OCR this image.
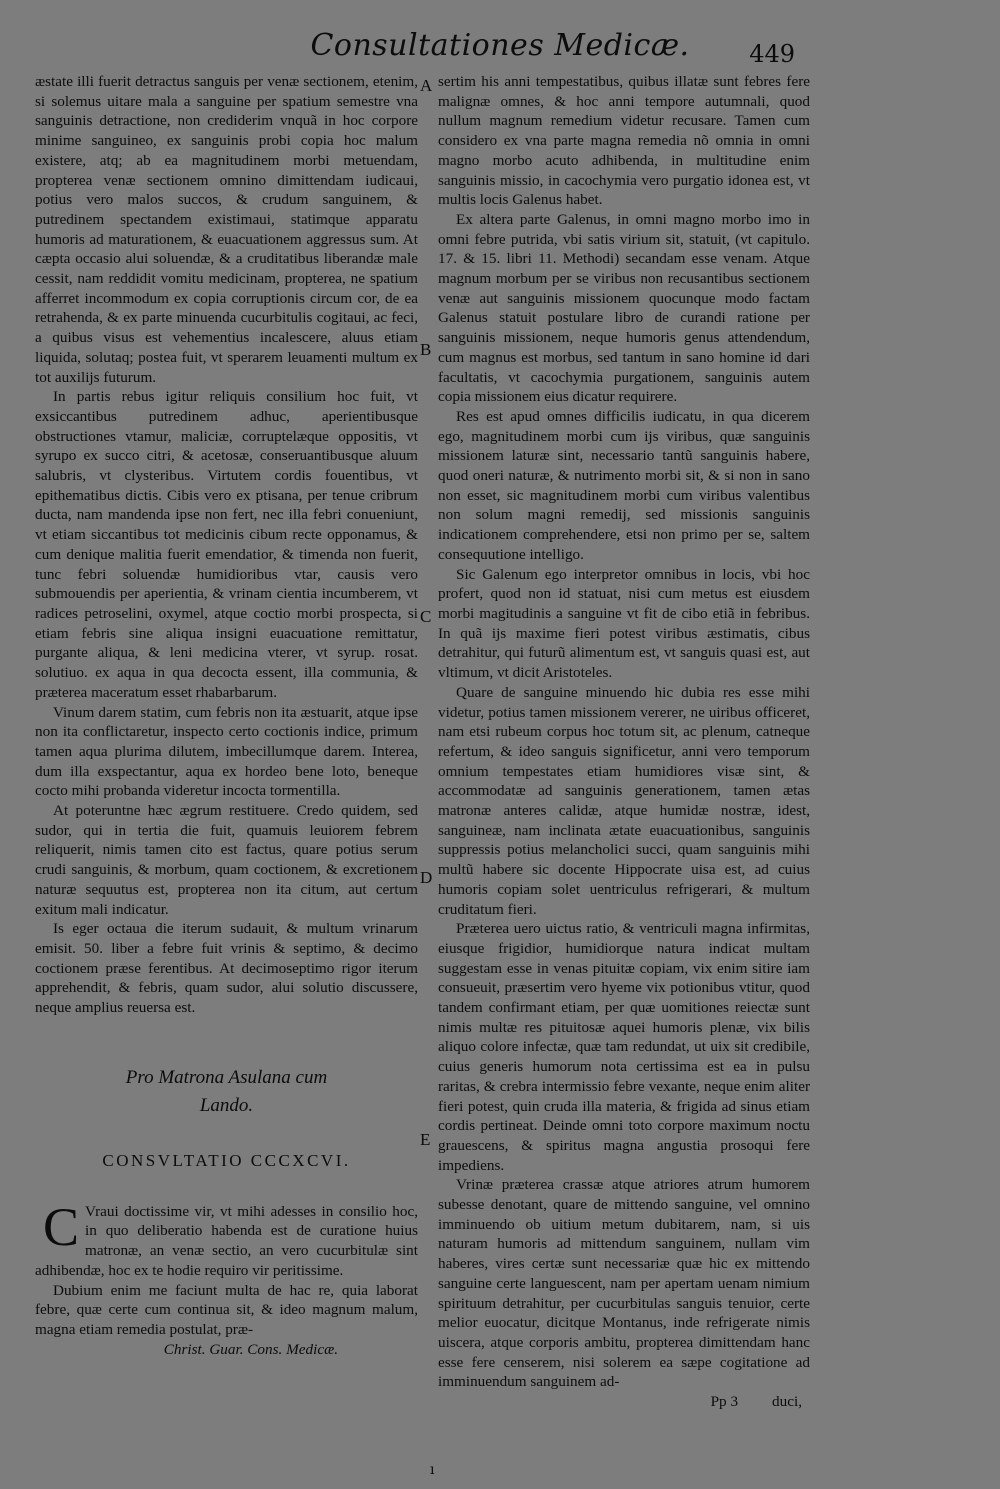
Consultationes Medicæ.	449

æstate illi fuerit detractus sanguis per venæ sectionem, etenim, si solemus uitare mala a sanguine per spatium semestre vna sanguinis detractione, non crediderim vnquã in hoc corpore minime sanguineo, ex sanguinis probi copia hoc malum existere, atq; ab ea magnitudinem morbi metuendam, propterea venæ sectionem omnino dimittendam iudicaui, potius vero malos succos, & crudum sanguinem, & putredinem spectandem existimaui, statimque apparatu humoris ad maturationem, & euacuationem aggressus sum. At cæpta occasio alui soluendæ, & a cruditatibus liberandæ male cessit, nam reddidit vomitu medicinam, propterea, ne spatium afferret incommodum ex copia corruptionis circum cor, de ea retrahenda, & ex parte minuenda cucurbitulis cogitaui, ac feci, a quibus visus est vehementius incalescere, aluus etiam liquida, solutaq; postea fuit, vt sperarem leuamenti multum ex tot auxilijs futurum.

In partis rebus igitur reliquis consilium hoc fuit, vt exsiccantibus putredinem adhuc, aperientibusque obstructiones vtamur, maliciæ, corruptelæque oppositis, vt syrupo ex succo citri, & acetosæ, conseruantibusque aluum salubris, vt clysteribus. Virtutem cordis fouentibus, vt epithematibus dictis. Cibis vero ex ptisana, per tenue cribrum ducta, nam mandenda ipse non fert, nec illa febri conueniunt, vt etiam siccantibus tot medicinis cibum recte opponamus, & cum denique malitia fuerit emendatior, & timenda non fuerit, tunc febri soluendæ humidioribus vtar, causis vero submouendis per aperientia, & vrinam cientia incumberem, vt radices petroselini, oxymel, atque coctio morbi prospecta, si etiam febris sine aliqua insigni euacuatione remittatur, purgante aliqua, & leni medicina vterer, vt syrup. rosat. solutiuo. ex aqua in qua decocta essent, illa communia, & præterea maceratum esset rhabarbarum.

Vinum darem statim, cum febris non ita æstuarit, atque ipse non ita conflictaretur, inspecto certo coctionis indice, primum tamen aqua plurima dilutem, imbecillumque darem. Interea, dum illa exspectantur, aqua ex hordeo bene loto, beneque cocto mihi probanda videretur incocta tormentilla.

At poteruntne hæc ægrum restituere. Credo quidem, sed sudor, qui in tertia die fuit, quamuis leuiorem febrem reliquerit, nimis tamen cito est factus, quare potius serum crudi sanguinis, & morbum, quam coctionem, & excretionem naturæ sequutus est, propterea non ita citum, aut certum exitum mali indicatur.

Is eger octaua die iterum sudauit, & multum vrinarum emisit. 50. liber a febre fuit vrinis & septimo, & decimo coctionem præse ferentibus. At decimoseptimo rigor iterum apprehendit, & febris, quam sudor, alui solutio discussere, neque amplius reuersa est.

Pro Matrona Asulana cum
Lando.
CONSVLTATIO CCCXCVI.

C Vraui doctissime vir, vt mihi adesses in consilio hoc, in quo deliberatio habenda est de curatione huius matronæ, an venæ sectio, an vero cucurbitulæ sint adhibendæ, hoc ex te hodie requiro vir peritissime.

Dubium enim me faciunt multa de hac re, quia laborat febre, quæ certe cum continua sit, & ideo magnum malum, magna etiam remedia postulat, præ-

Christ. Guar. Cons. Medicæ.
A
B
C
D
E

sertim his anni tempestatibus, quibus illatæ sunt febres fere malignæ omnes, & hoc anni tempore autumnali, quod nullum magnum remedium videtur recusare. Tamen cum considero ex vna parte magna remedia nõ omnia in omni magno morbo acuto adhibenda, in multitudine enim sanguinis missio, in cacochymia vero purgatio idonea est, vt multis locis Galenus habet.

Ex altera parte Galenus, in omni magno morbo imo in omni febre putrida, vbi satis virium sit, statuit, (vt capitulo. 17. & 15. libri 11. Methodi) secandam esse venam. Atque magnum morbum per se viribus non recusantibus sectionem venæ aut sanguinis missionem quocunque modo factam Galenus statuit postulare libro de curandi ratione per sanguinis missionem, neque humoris genus attendendum, cum magnus est morbus, sed tantum in sano homine id dari facultatis, vt cacochymia purgationem, sanguinis autem copia missionem eius dicatur requirere.

Res est apud omnes difficilis iudicatu, in qua dicerem ego, magnitudinem morbi cum ijs viribus, quæ sanguinis missionem laturæ sint, necessario tantũ sanguinis habere, quod oneri naturæ, & nutrimento morbi sit, & si non in sano non esset, sic magnitudinem morbi cum viribus valentibus non solum magni remedij, sed missionis sanguinis indicationem comprehendere, etsi non primo per se, saltem consequutione intelligo.

Sic Galenum ego interpretor omnibus in locis, vbi hoc profert, quod non id statuat, nisi cum metus est eiusdem morbi magitudinis a sanguine vt fit de cibo etiã in febribus. In quã ijs maxime fieri potest viribus æstimatis, cibus detrahitur, qui futurũ alimentum est, vt sanguis quasi est, aut vltimum, vt dicit Aristoteles.

Quare de sanguine minuendo hic dubia res esse mihi videtur, potius tamen missionem vererer, ne uiribus officeret, nam etsi rubeum corpus hoc totum sit, ac plenum, catneque refertum, & ideo sanguis significetur, anni vero temporum omnium tempestates etiam humidiores visæ sint, & accommodatæ ad sanguinis generationem, tamen ætas matronæ anteres calidæ, atque humidæ nostræ, idest, sanguineæ, nam inclinata ætate euacuationibus, sanguinis suppressis potius melancholici succi, quam sanguinis mihi multũ habere sic docente Hippocrate uisa est, ad cuius humoris copiam solet uentriculus refrigerari, & multum cruditatum fieri.

Præterea uero uictus ratio, & ventriculi magna infirmitas, eiusque frigidior, humidiorque natura indicat multam suggestam esse in venas pituitæ copiam, vix enim sitire iam consueuit, præsertim vero hyeme vix potionibus vtitur, quod tandem confirmant etiam, per quæ uomitiones reiectæ sunt nimis multæ res pituitosæ aquei humoris plenæ, vix bilis aliquo colore infectæ, quæ tam redundat, ut uix sit credibile, cuius generis humorum nota certissima est ea in pulsu raritas, & crebra intermissio febre vexante, neque enim aliter fieri potest, quin cruda illa materia, & frigida ad sinus etiam cordis pertineat. Deinde omni toto corpore maximum noctu grauescens, & spiritus magna angustia prosoqui fere impediens.

Vrinæ præterea crassæ atque atriores atrum humorem subesse denotant, quare de mittendo sanguine, vel omnino imminuendo ob uitium metum dubitarem, nam, si uis naturam humoris ad mittendum sanguinem, nullam vim haberes, vires certæ sunt necessariæ quæ hic ex mittendo sanguine certe languescent, nam per apertam uenam nimium spirituum detrahitur, per cucurbitulas sanguis tenuior, certe melior euocatur, dicitque Montanus, inde refrigerate nimis uiscera, atque corporis ambitu, propterea dimittendam hanc esse fere censerem, nisi solerem ea sæpe cogitatione ad imminuendum sanguinem ad-

Pp 3 duci,
ı
